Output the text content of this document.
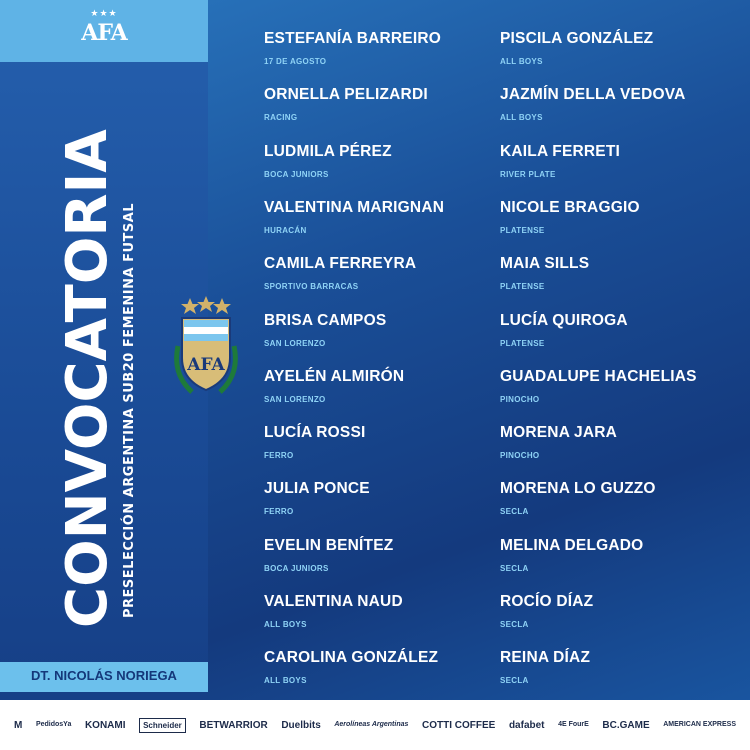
★★★
AFA
CONVOCATORIA PRESELECCIÓN ARGENTINA SUB20 FEMENINA FUTSAL	AFA
DT. NICOLÁS NORIEGA
ESTEFANÍA BARREIRO
17 DE AGOSTO
ORNELLA PELIZARDI
RACING
LUDMILA PÉREZ
BOCA JUNIORS
VALENTINA MARIGNAN
HURACÁN
CAMILA FERREYRA
SPORTIVO BARRACAS
BRISA CAMPOS
SAN LORENZO
AYELÉN ALMIRÓN
SAN LORENZO
LUCÍA ROSSI
FERRO
JULIA PONCE
FERRO
EVELIN BENÍTEZ
BOCA JUNIORS
VALENTINA NAUD
ALL BOYS
CAROLINA GONZÁLEZ
ALL BOYS
PISCILA GONZÁLEZ
ALL BOYS
JAZMÍN DELLA VEDOVA
ALL BOYS
KAILA FERRETI
RIVER PLATE
NICOLE BRAGGIO
PLATENSE
MAIA SILLS
PLATENSE
LUCÍA QUIROGA
PLATENSE
GUADALUPE HACHELIAS
PINOCHO
MORENA JARA
PINOCHO
MORENA LO GUZZO
SECLA
MELINA DELGADO
SECLA
ROCÍO DÍAZ
SECLA
REINA DÍAZ
SECLA
M PedidosYa KONAMI	Schneider	BETWARRIOR Duelbits Aerolíneas Argentinas COTTI COFFEE dafabet 4E FourE BC.GAME AMERICAN EXPRESS
